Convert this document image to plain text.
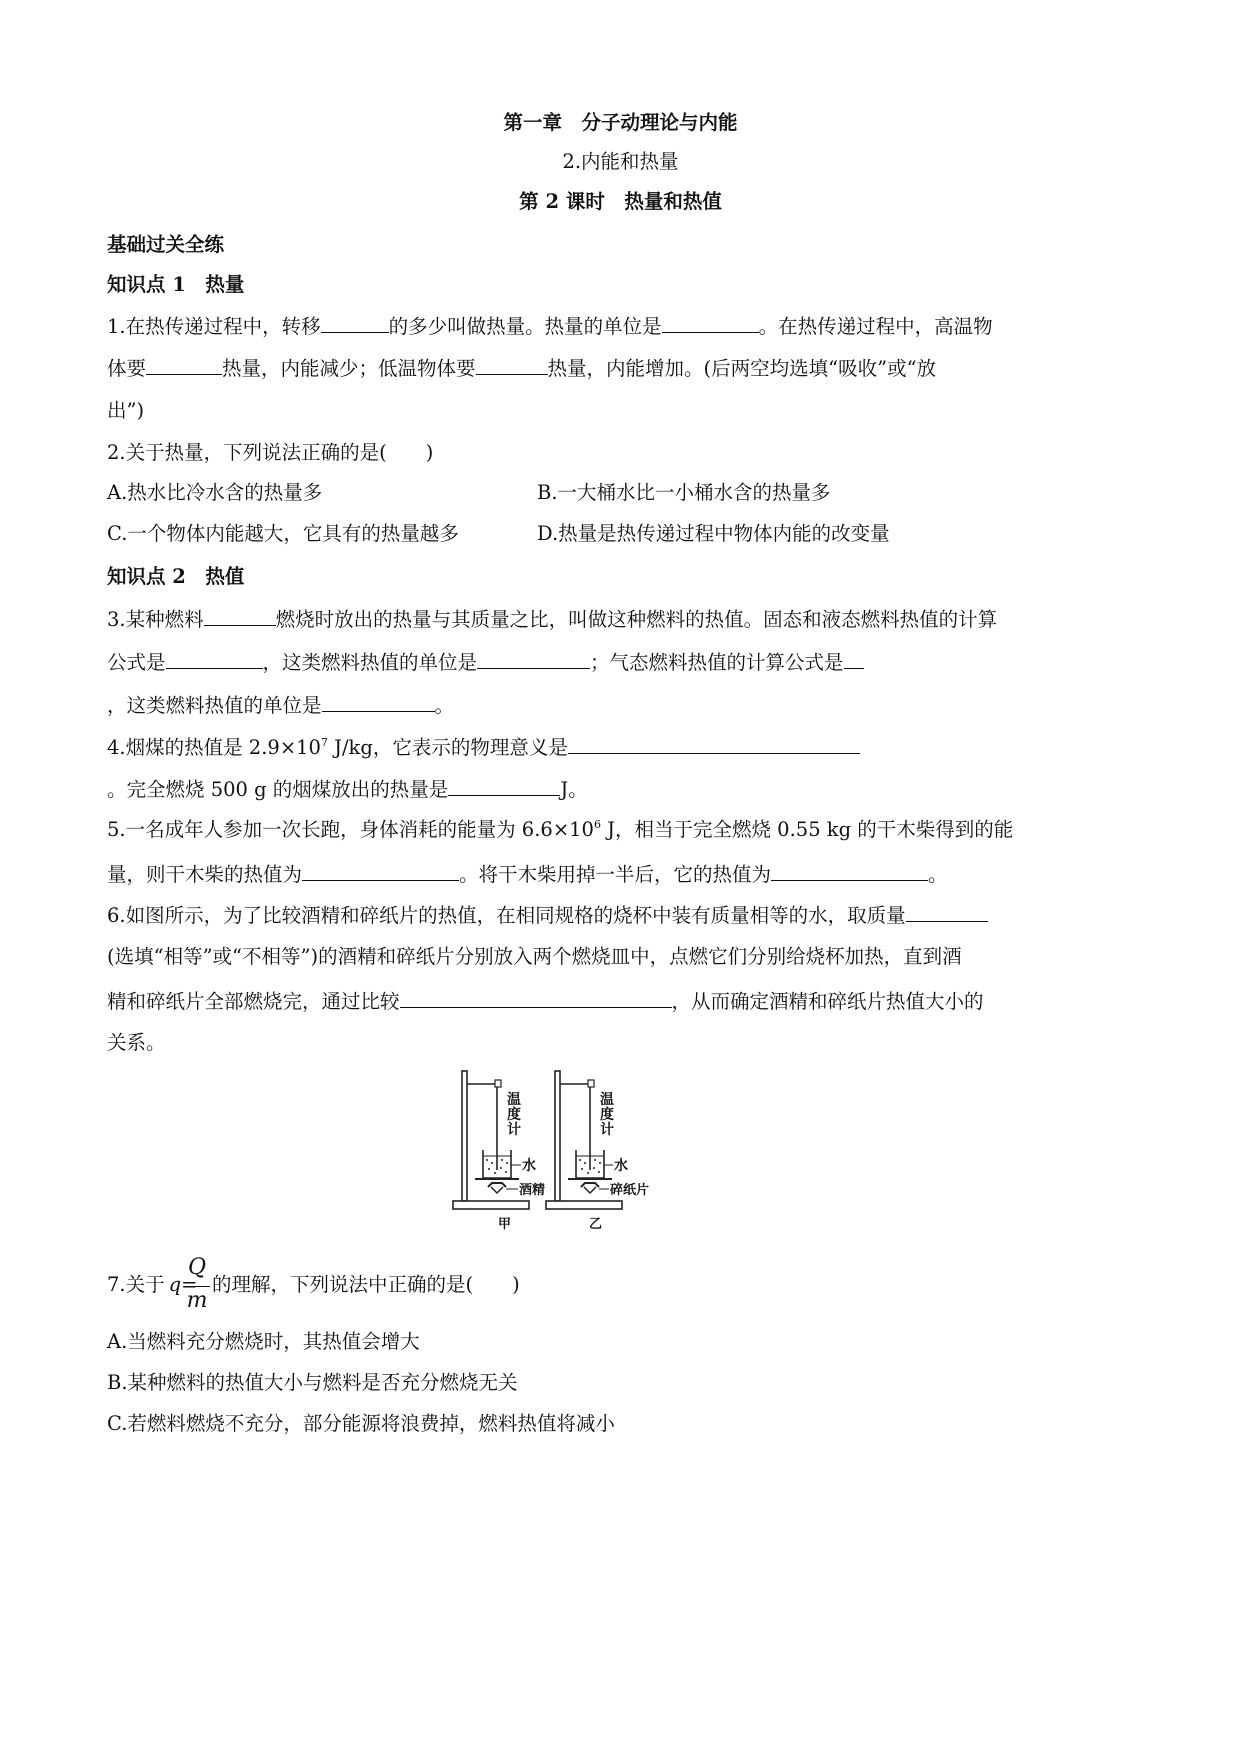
第一章　分子动理论与内能
2.内能和热量
第 2 课时　热量和热值
基础过关全练
知识点 1　热量
1.在热传递过程中，转移	的多少叫做热量。热量的单位是	。在热传递过程中，高温物
体要	热量，内能减少；低温物体要	热量，内能增加。(后两空均选填“吸收”或“放
出”)
2.关于热量，下列说法正确的是(　　)
A.热水比冷水含的热量多	B.一大桶水比一小桶水含的热量多
C.一个物体内能越大，它具有的热量越多	D.热量是热传递过程中物体内能的改变量
知识点 2　热值
3.某种燃料	燃烧时放出的热量与其质量之比，叫做这种燃料的热值。固态和液态燃料热值的计算
公式是	，这类燃料热值的单位是	；气态燃料热值的计算公式是
，这类燃料热值的单位是	。
4.烟煤的热值是 $2.9\times 10^7$ J/kg，它表示的物理意义是
。完全燃烧 500 g 的烟煤放出的热量是	J。
5.一名成年人参加一次长跑，身体消耗的能量为 $6.6\times 10^6$ J，相当于完全燃烧 0.55 kg 的干木柴得到的能
量，则干木柴的热值为	。将干木柴用掉一半后，它的热值为	。
6.如图所示，为了比较酒精和碎纸片的热值，在相同规格的烧杯中装有质量相等的水，取质量
(选填“相等”或“不相等”)的酒精和碎纸片分别放入两个燃烧皿中，点燃它们分别给烧杯加热，直到酒
精和碎纸片全部燃烧完，通过比较	，从而确定酒精和碎纸片热值大小的
关系。
温
度
计
水
酒精
温
度
计
水
碎纸片
甲	乙
7.关于 q=
Q
m
的理解，下列说法中正确的是(　　)
A.当燃料充分燃烧时，其热值会增大
B.某种燃料的热值大小与燃料是否充分燃烧无关
C.若燃料燃烧不充分，部分能源将浪费掉，燃料热值将减小
